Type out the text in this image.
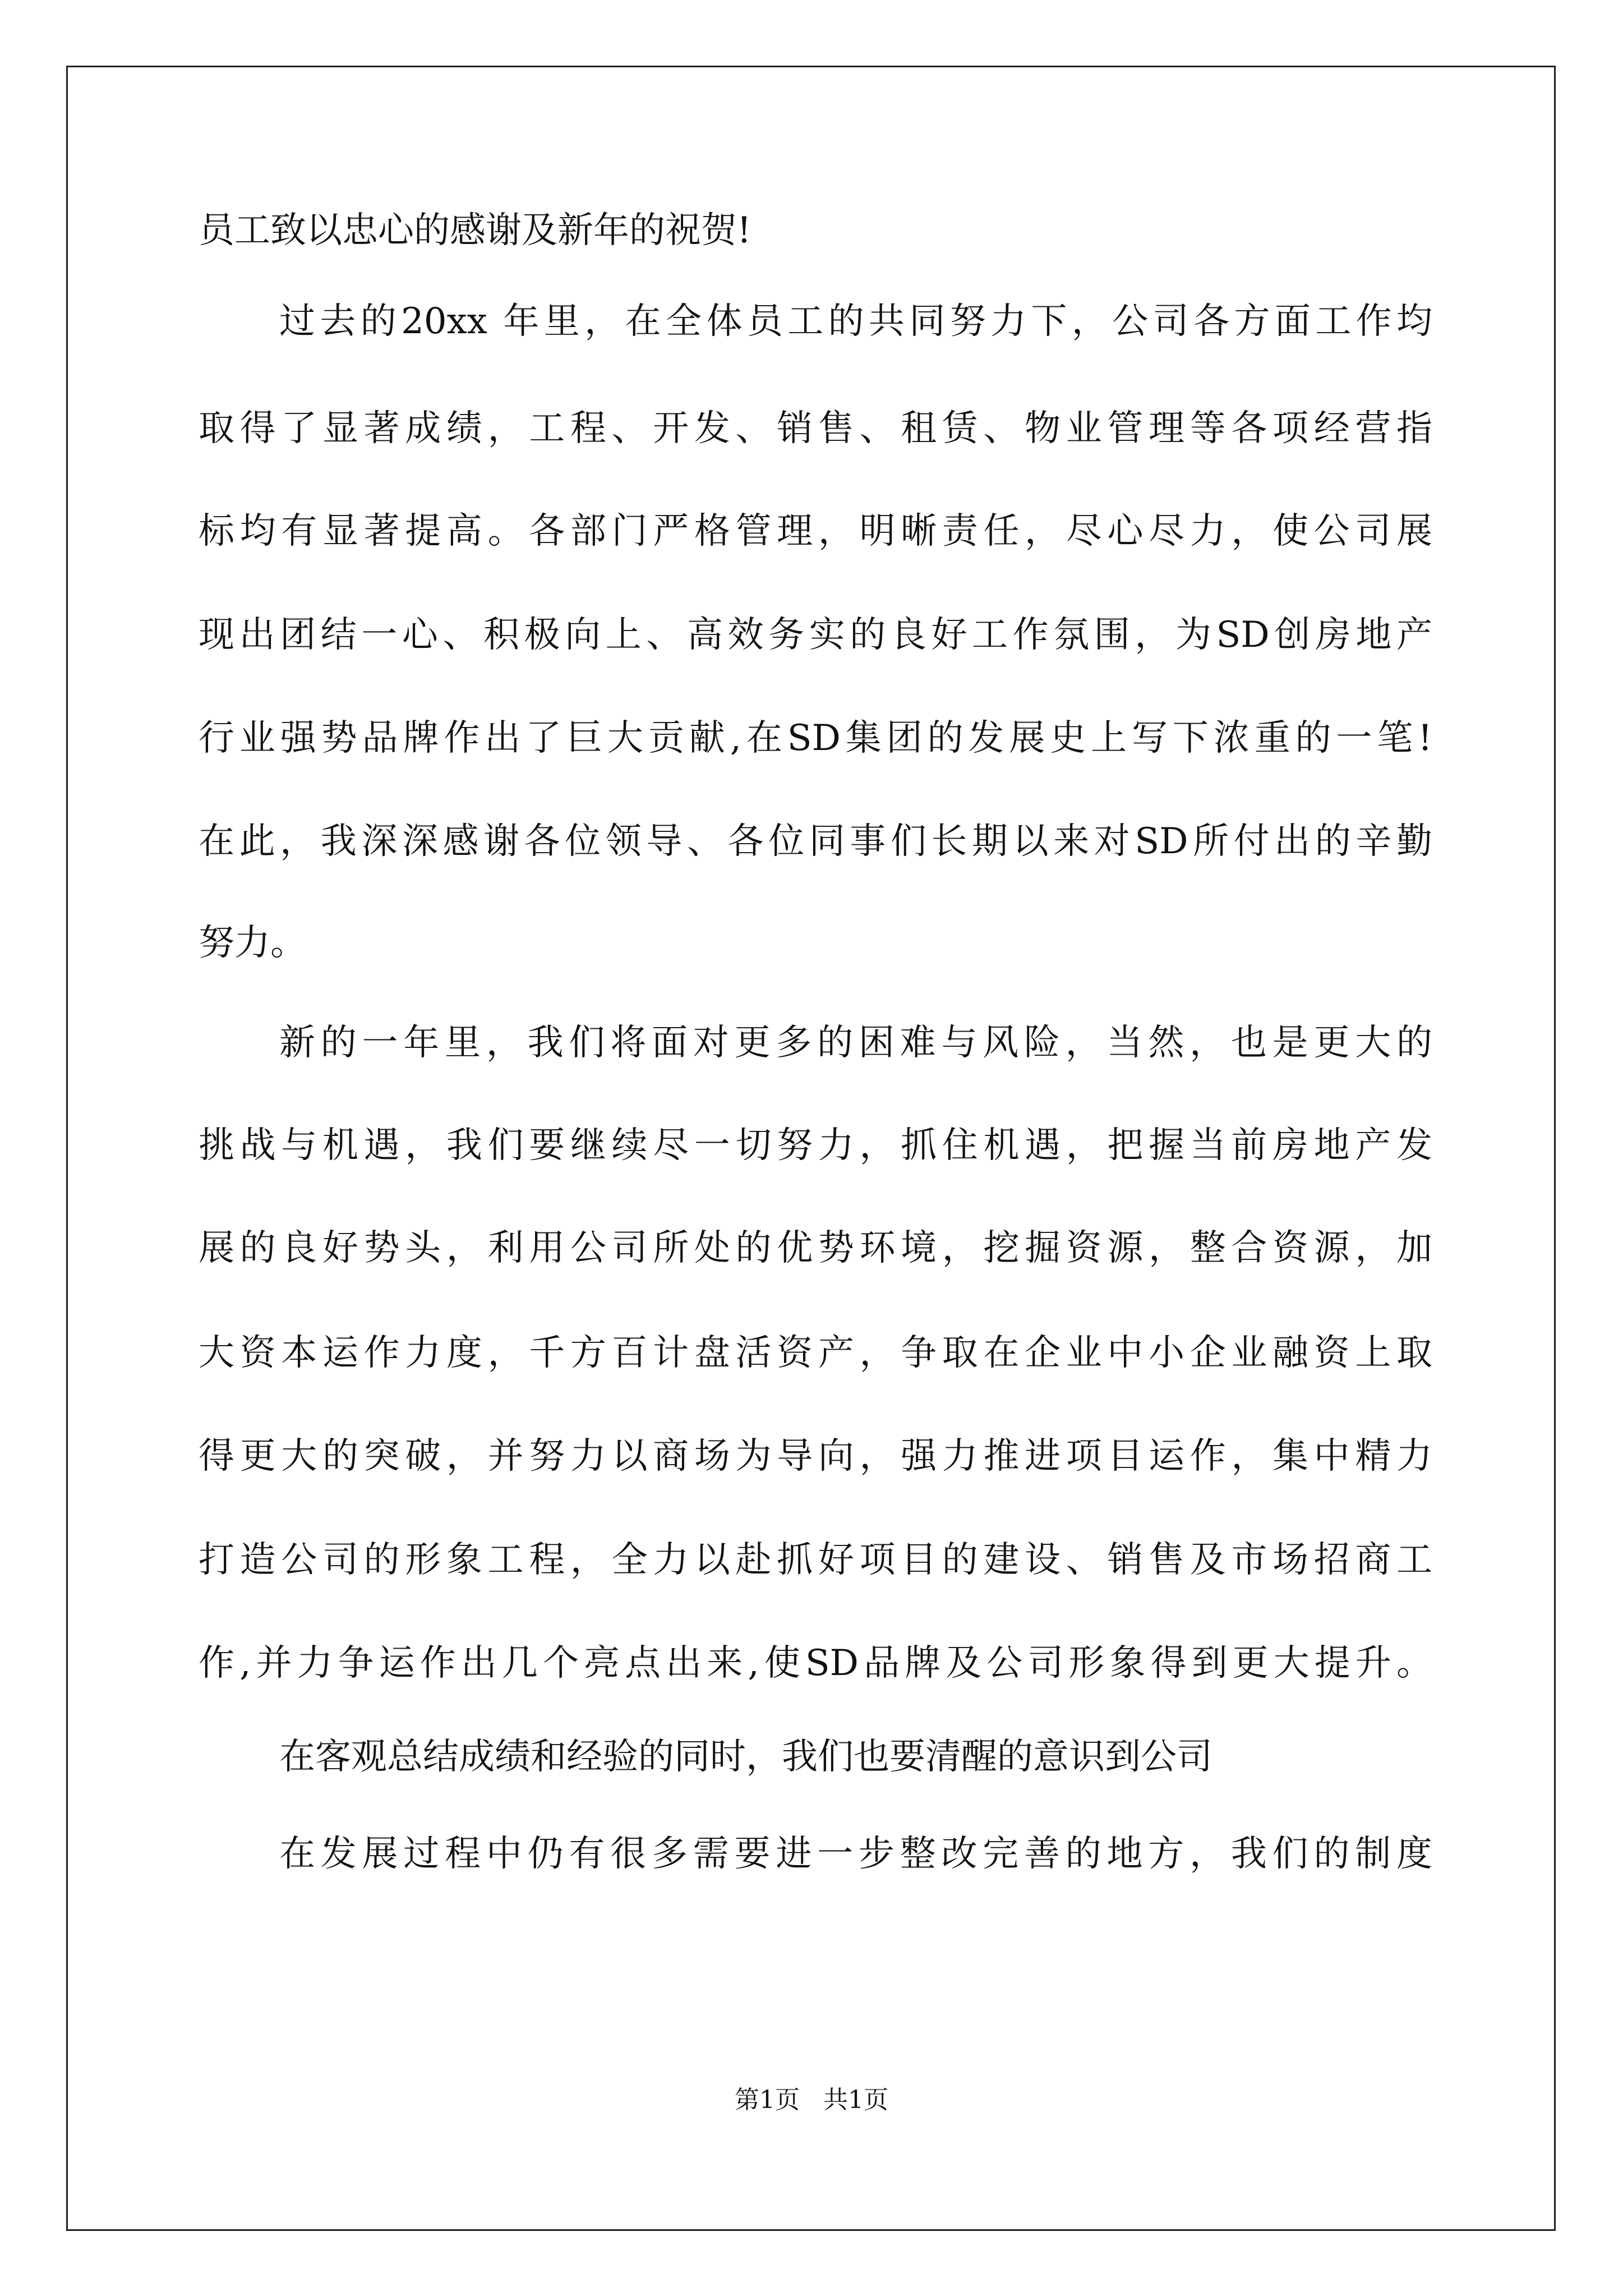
员工致以忠心的感谢及新年的祝贺!
过去的20xx 年里，在全体员工的共同努力下，公司各方面工作均
取得了显著成绩，工程、开发、销售、租赁、物业管理等各项经营指
标均有显著提高。各部门严格管理，明晰责任，尽心尽力，使公司展
现出团结一心、积极向上、高效务实的良好工作氛围，为SD创房地产
行业强势品牌作出了巨大贡献,在SD集团的发展史上写下浓重的一笔!
在此，我深深感谢各位领导、各位同事们长期以来对SD所付出的辛勤
努力。
新的一年里，我们将面对更多的困难与风险，当然，也是更大的
挑战与机遇，我们要继续尽一切努力，抓住机遇，把握当前房地产发
展的良好势头，利用公司所处的优势环境，挖掘资源，整合资源，加
大资本运作力度，千方百计盘活资产，争取在企业中小企业融资上取
得更大的突破，并努力以商场为导向，强力推进项目运作，集中精力
打造公司的形象工程，全力以赴抓好项目的建设、销售及市场招商工
作,并力争运作出几个亮点出来,使SD品牌及公司形象得到更大提升。
在客观总结成绩和经验的同时，我们也要清醒的意识到公司
在发展过程中仍有很多需要进一步整改完善的地方，我们的制度
第1页   共1页
